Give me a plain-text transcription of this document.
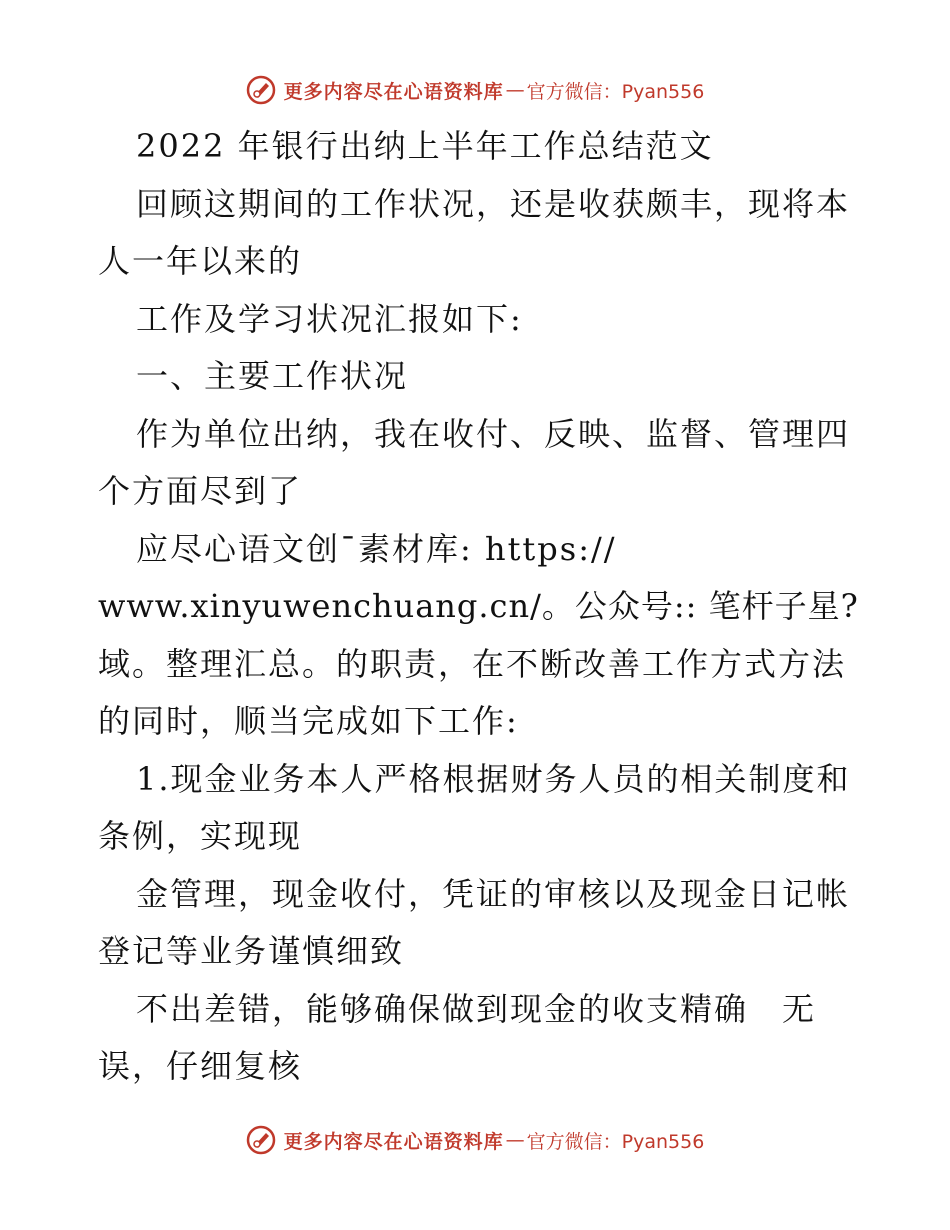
更多内容尽在心语资料库 — 官方微信：Pyan556
2022 年银行出纳上半年工作总结范文
回顾这期间的工作状况，还是收获颇丰，现将本
人一年以来的
工作及学习状况汇报如下:
一、主要工作状况
作为单位出纳，我在收付、反映、监督、管理四
个方面尽到了
应尽心语文创¯素材库: https://
www.xinyuwenchuang.cn/。公众号:: 笔杆子星?
域。整理汇总。的职责，在不断改善工作方式方法
的同时，顺当完成如下工作:
1.现金业务本人严格根据财务人员的相关制度和
条例，实现现
金管理，现金收付，凭证的审核以及现金日记帐
登记等业务谨慎细致
不出差错，能够确保做到现金的收支精确　无
误，仔细复核
更多内容尽在心语资料库 — 官方微信：Pyan556
